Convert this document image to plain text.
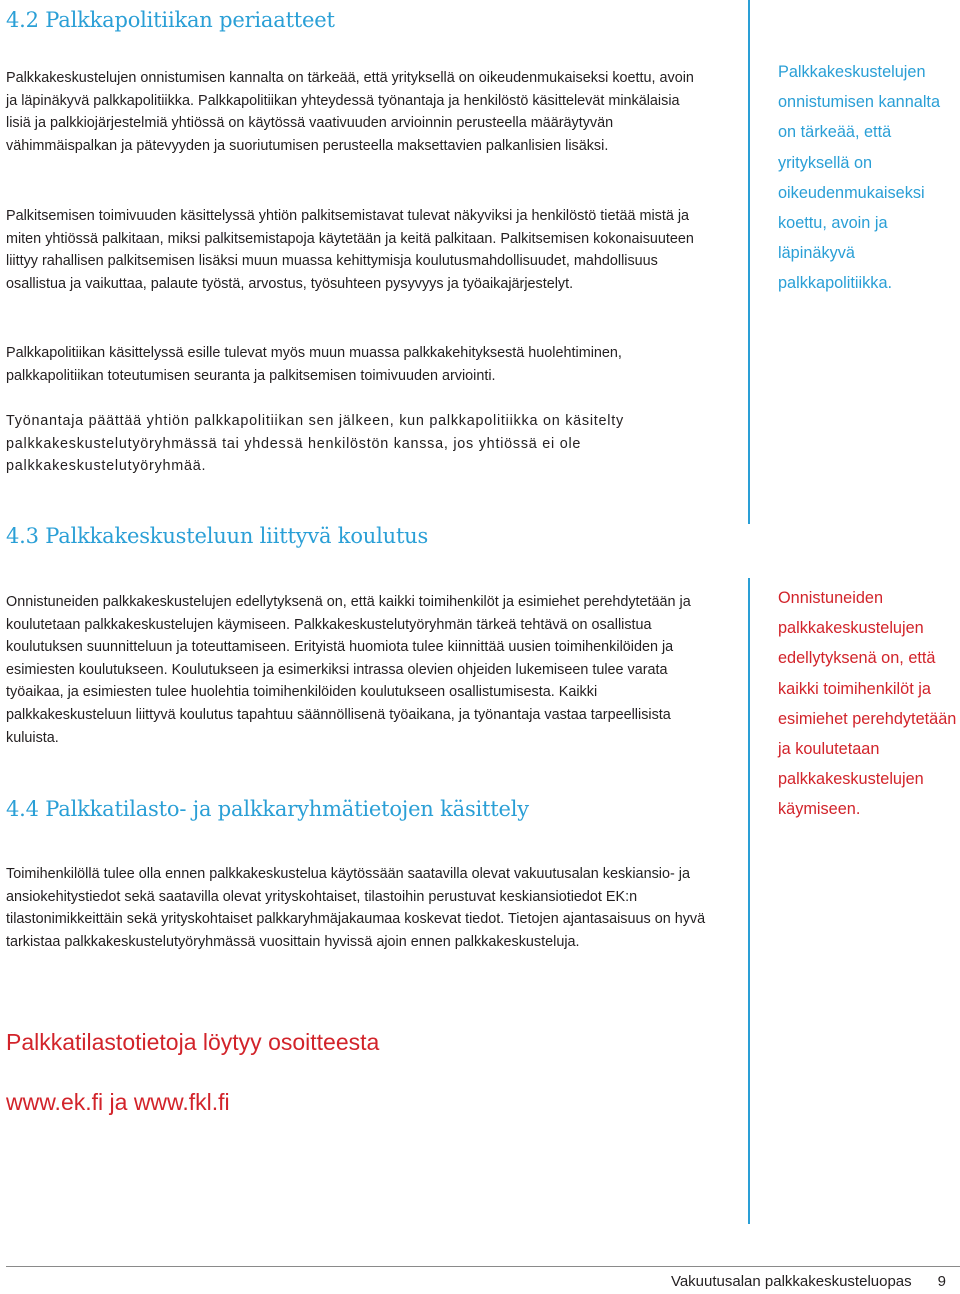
4.2 Palkkapolitiikan periaatteet

Palkkakeskustelujen onnistumisen kannalta on tärkeää, että yrityksellä on oikeudenmukaiseksi koettu, avoin ja läpinäkyvä palkkapolitiikka. Palkkapolitiikan yhteydessä työnantaja ja henkilöstö käsittelevät minkälaisia lisiä ja palkkiojärjestelmiä yhtiössä on käytössä vaativuuden arvioinnin perusteella määräytyvän vähimmäispalkan ja pätevyyden ja suoriutumisen perusteella maksettavien palkanlisien lisäksi.

Palkitsemisen toimivuuden käsittelyssä yhtiön palkitsemistavat tulevat näkyviksi ja henkilöstö tietää mistä ja miten yhtiössä palkitaan, miksi palkitsemistapoja käytetään ja keitä palkitaan. Palkitsemisen kokonaisuuteen liittyy rahallisen palkitsemisen lisäksi muun muassa kehittymisja koulutusmahdollisuudet, mahdollisuus osallistua ja vaikuttaa, palaute työstä, arvostus, työsuhteen pysyvyys ja työaikajärjestelyt.

Palkkapolitiikan käsittelyssä esille tulevat myös muun muassa palkkakehityksestä huolehtiminen, palkkapolitiikan toteutumisen seuranta ja palkitsemisen toimivuuden arviointi.

Työnantaja päättää yhtiön palkkapolitiikan sen jälkeen, kun palkkapolitiikka on käsitelty palkkakeskustelutyöryhmässä tai yhdessä henkilöstön kanssa, jos yhtiössä ei ole palkkakeskustelutyöryhmää.

Palkkakeskustelujen onnistumisen kannalta on tärkeää, että yrityksellä on oikeudenmukaiseksi koettu, avoin ja läpinäkyvä palkkapolitiikka.

4.3 Palkkakeskusteluun liittyvä koulutus

Onnistuneiden palkkakeskustelujen edellytyksenä on, että kaikki toimihenkilöt ja esimiehet perehdytetään ja koulutetaan palkkakeskustelujen käymiseen. Palkkakeskustelutyöryhmän tärkeä tehtävä on osallistua koulutuksen suunnitteluun ja toteuttamiseen. Erityistä huomiota tulee kiinnittää uusien toimihenkilöiden ja esimiesten koulutukseen. Koulutukseen ja esimerkiksi intrassa olevien ohjeiden lukemiseen tulee varata työaikaa, ja esimiesten tulee huolehtia toimihenkilöiden koulutukseen osallistumisesta. Kaikki palkkakeskusteluun liittyvä koulutus tapahtuu säännöllisenä työaikana, ja työnantaja vastaa tarpeellisista kuluista.

Onnistuneiden palkkakeskustelujen edellytyksenä on, että kaikki toimihenkilöt ja esimiehet perehdytetään ja koulutetaan palkkakeskustelujen käymiseen.

4.4 Palkkatilasto- ja palkkaryhmätietojen käsittely

Toimihenkilöllä tulee olla ennen palkkakeskustelua käytössään saatavilla olevat vakuutusalan keskiansio- ja ansiokehitystiedot sekä saatavilla olevat yrityskohtaiset, tilastoihin perustuvat keskiansiotiedot EK:n tilastonimikkeittäin sekä yrityskohtaiset palkkaryhmäjakaumaa koskevat tiedot. Tietojen ajantasaisuus on hyvä tarkistaa palkkakeskustelutyöryhmässä vuosittain hyvissä ajoin ennen palkkakeskusteluja.

Palkkatilastotietoja löytyy osoitteesta

www.ek.fi ja www.fkl.fi

Vakuutusalan palkkakeskusteluopas 9
